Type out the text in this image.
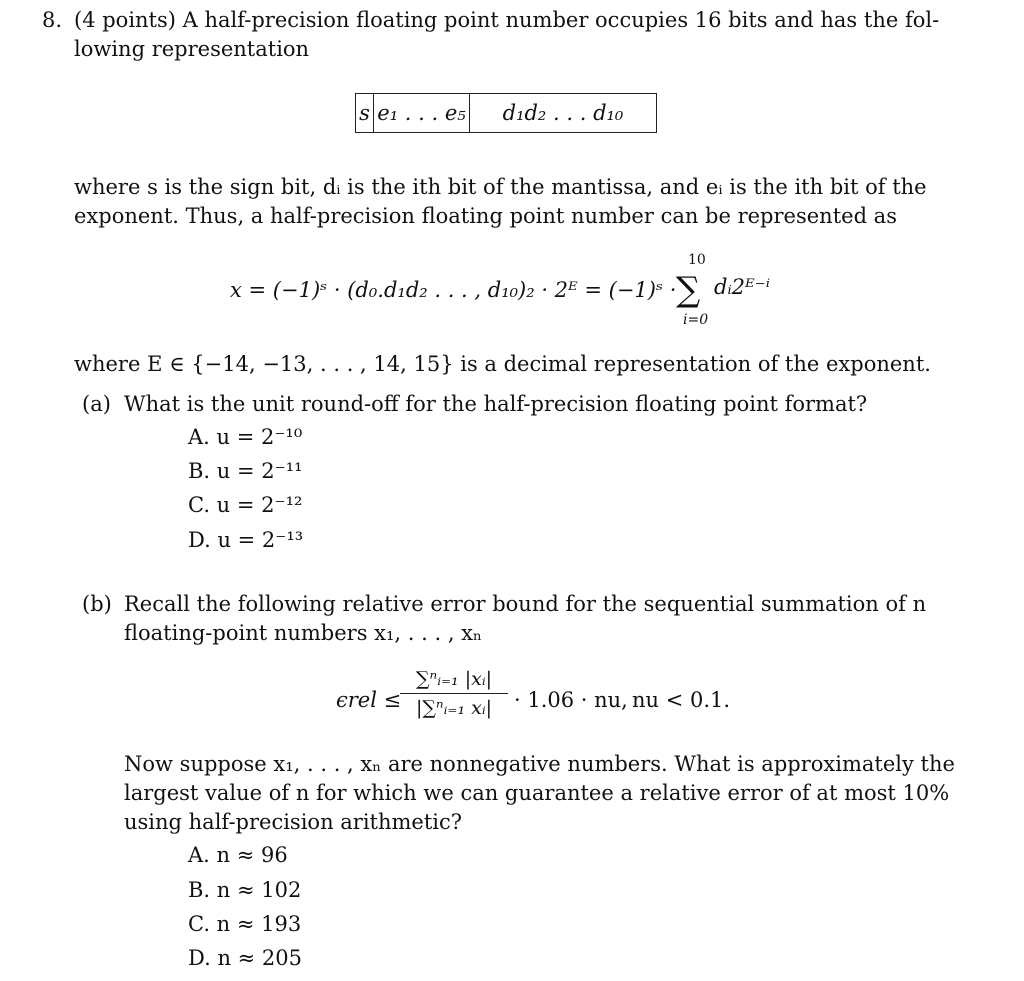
8. (4 points) A half-precision floating point number occupies 16 bits and has the fol-
lowing representation
s e₁ . . . e₅	d₁d₂ . . . d₁₀
where s is the sign bit, dᵢ is the ith bit of the mantissa, and eᵢ is the ith bit of the
exponent. Thus, a half-precision floating point number can be represented as
x = (−1)ˢ · (d₀.d₁d₂ . . . , d₁₀)₂ · 2ᴱ = (−1)ˢ · ∑
10
i=0
dᵢ2ᴱ⁻ⁱ
where E ∈ {−14, −13, . . . , 14, 15} is a decimal representation of the exponent.
(a) What is the unit round-off for the half-precision floating point format?
A. u = 2⁻¹⁰
B. u = 2⁻¹¹
C. u = 2⁻¹²
D. u = 2⁻¹³
(b) Recall the following relative error bound for the sequential summation of n
floating-point numbers x₁, . . . , xₙ
ϵrel ≤
∑ⁿᵢ₌₁ |xᵢ|
|∑ⁿᵢ₌₁ xᵢ|	· 1.06 · nu, nu < 0.1.
Now suppose x₁, . . . , xₙ are nonnegative numbers. What is approximately the
largest value of n for which we can guarantee a relative error of at most 10%
using half-precision arithmetic?
A. n ≈ 96
B. n ≈ 102
C. n ≈ 193
D. n ≈ 205
